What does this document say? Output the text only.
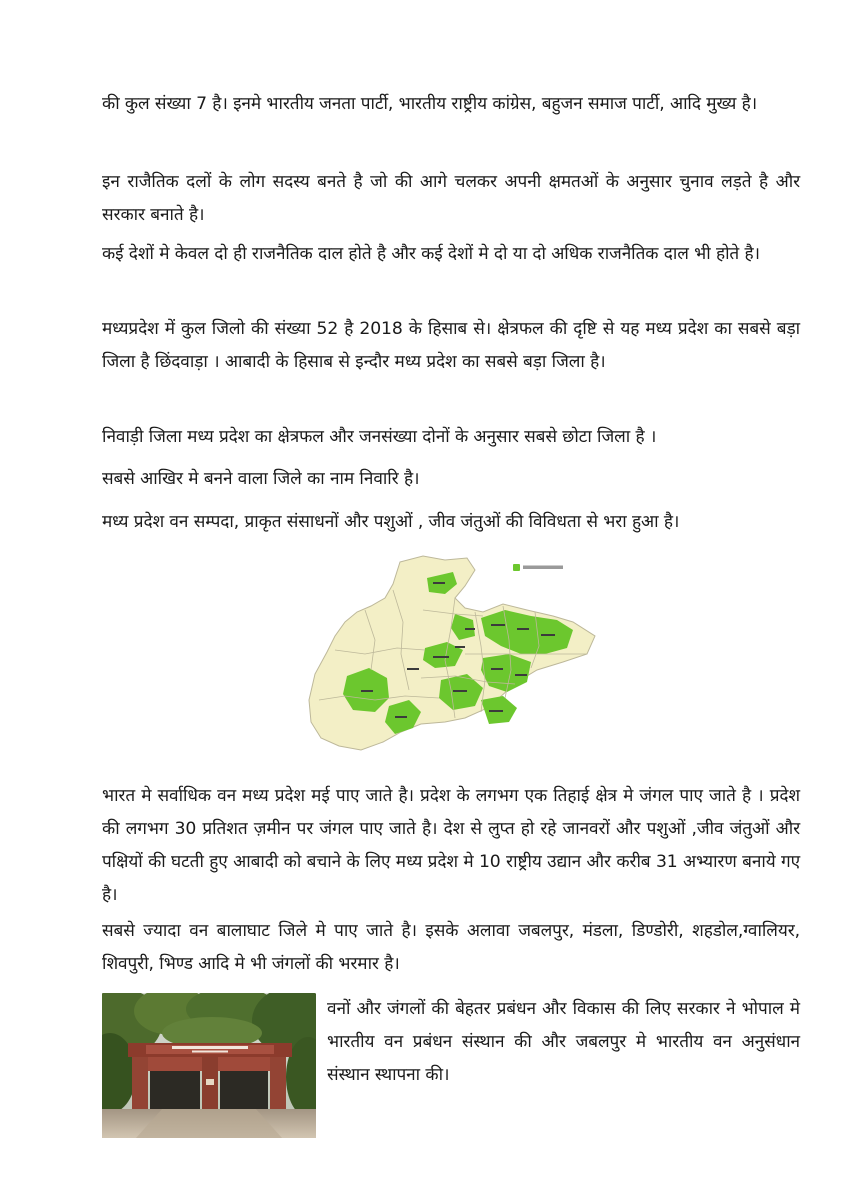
की कुल संख्या 7 है। इनमे भारतीय जनता पार्टी, भारतीय राष्ट्रीय कांग्रेस, बहुजन समाज पार्टी, आदि मुख्य है।

इन राजैतिक दलों के लोग सदस्य बनते है जो की आगे चलकर अपनी क्षमतओं के अनुसार चुनाव लड़ते है और सरकार बनाते है।

कई देशों मे केवल दो ही राजनैतिक दाल होते है और कई देशों मे दो या दो अधिक राजनैतिक दाल भी होते है।

मध्यप्रदेश में कुल जिलो की संख्या 52 है 2018 के हिसाब से। क्षेत्रफल की दृष्टि से यह मध्य प्रदेश का सबसे बड़ा जिला है छिंदवाड़ा । आबादी के हिसाब से इन्दौर मध्य प्रदेश का सबसे बड़ा जिला है।

निवाड़ी जिला मध्य प्रदेश का क्षेत्रफल और जनसंख्या दोनों के अनुसार सबसे छोटा जिला है ।

सबसे आखिर मे बनने वाला जिले का नाम निवारि है।

मध्य प्रदेश वन सम्पदा, प्राकृत संसाधनों और पशुओं , जीव जंतुओं की विविधता से भरा हुआ है।

भारत मे सर्वाधिक वन मध्य प्रदेश मई पाए जाते है। प्रदेश के लगभग एक तिहाई क्षेत्र मे जंगल पाए जाते है । प्रदेश की लगभग 30 प्रतिशत ज़मीन पर जंगल पाए जाते है। देश से लुप्त हो रहे जानवरों और पशुओं ,जीव जंतुओं और पक्षियों की घटती हुए आबादी को बचाने के लिए मध्य प्रदेश मे 10 राष्ट्रीय उद्यान और करीब 31 अभ्यारण बनाये गए है।

सबसे ज्यादा वन बालाघाट जिले मे पाए जाते है। इसके अलावा जबलपुर, मंडला, डिण्डोरी, शहडोल,ग्वालियर, शिवपुरी, भिण्ड आदि मे भी जंगलों की भरमार है।

वनों और जंगलों की बेहतर प्रबंधन और विकास की लिए सरकार ने भोपाल मे भारतीय वन प्रबंधन संस्थान की और जबलपुर मे भारतीय वन अनुसंधान संस्थान स्थापना की।
